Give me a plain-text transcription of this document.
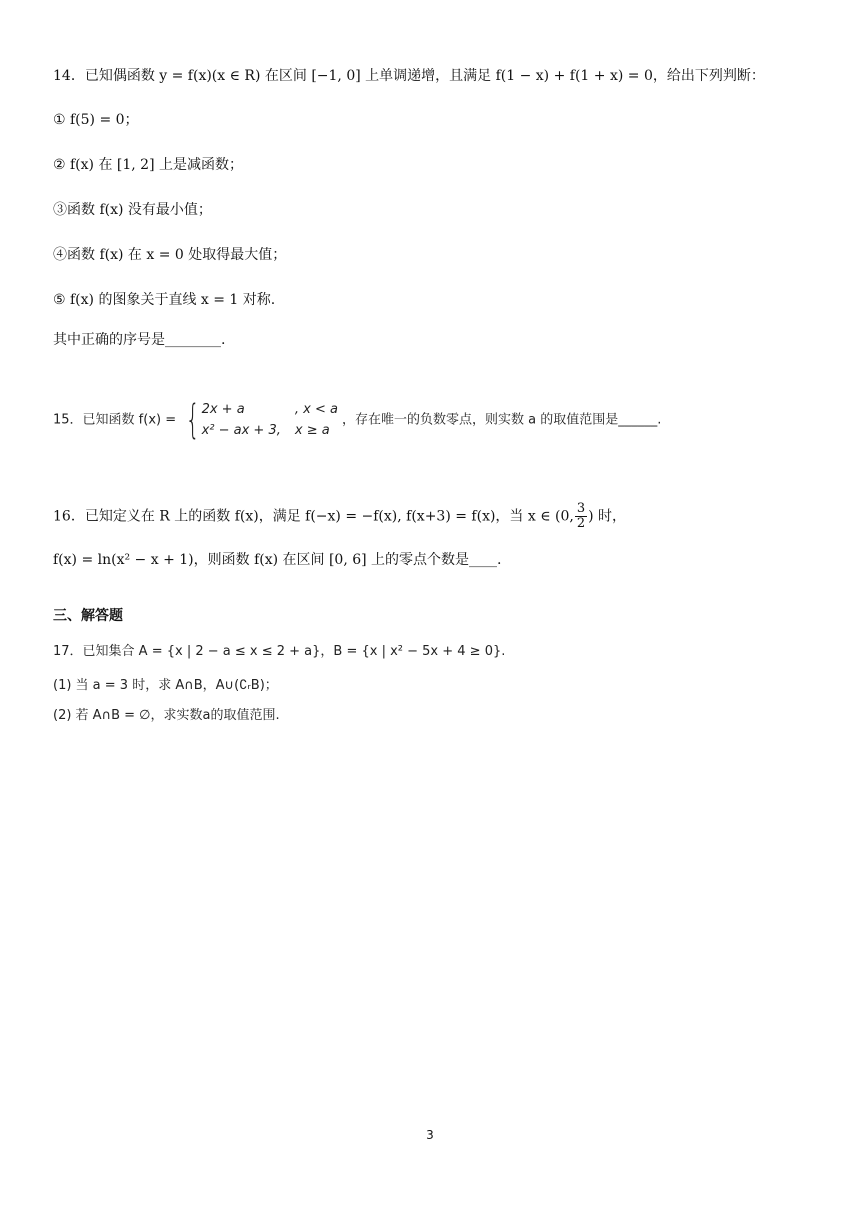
14．已知偶函数 y = f(x)(x ∈ R) 在区间 [−1, 0] 上单调递增，且满足 f(1 − x) + f(1 + x) = 0，给出下列判断：
① f(5) = 0；
② f(x) 在 [1, 2] 上是减函数；
③函数 f(x) 没有最小值；
④函数 f(x) 在 x = 0 处取得最大值；
⑤ f(x) 的图象关于直线 x = 1 对称.
其中正确的序号是________.
15．已知函数 f(x) = { 2x + a	, x < a
x² − ax + 3, x ≥ a
，存在唯一的负数零点，则实数 a 的取值范围是______.
16．已知定义在 R 上的函数 f(x)，满足 f(−x) = −f(x), f(x+3) = f(x)，当 x ∈ (0, $\frac{3}{2}$ ) 时，
f(x) = ln(x² − x + 1)，则函数 f(x) 在区间 [0, 6] 上的零点个数是____.
三、解答题
17．已知集合 A = {x | 2 − a ≤ x ≤ 2 + a}，B = {x | x² − 5x + 4 ≥ 0}.
(1) 当 a = 3 时，求 A∩B，A∪(∁ᵣB)；
(2) 若 A∩B = ∅，求实数a的取值范围.
3
